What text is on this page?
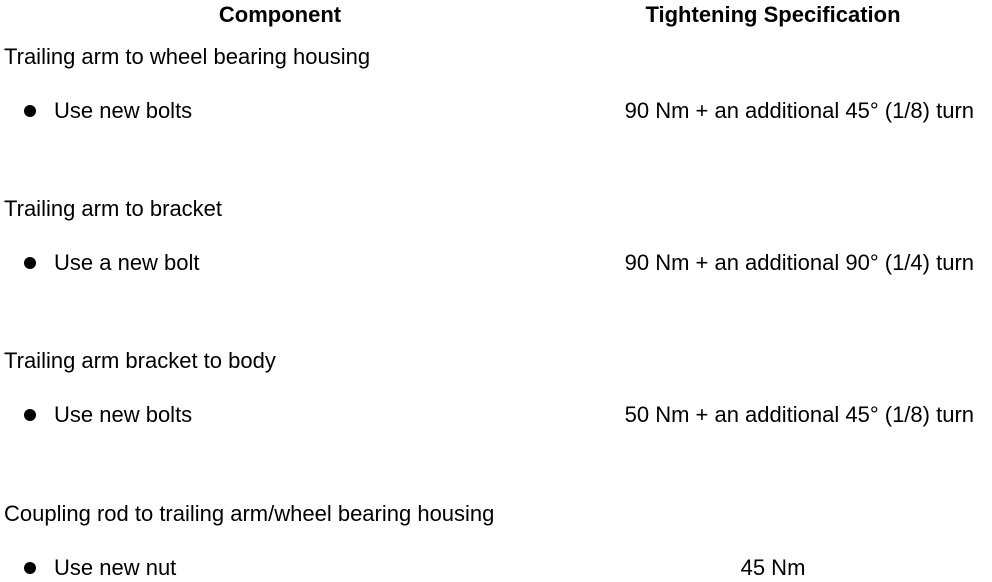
Component	Tightening Specification
Trailing arm to wheel bearing housing
Use new bolts	90 Nm + an additional 45° (1/8) turn
Trailing arm to bracket
Use a new bolt	90 Nm + an additional 90° (1/4) turn
Trailing arm bracket to body
Use new bolts	50 Nm + an additional 45° (1/8) turn
Coupling rod to trailing arm/wheel bearing housing
Use new nut	45 Nm
